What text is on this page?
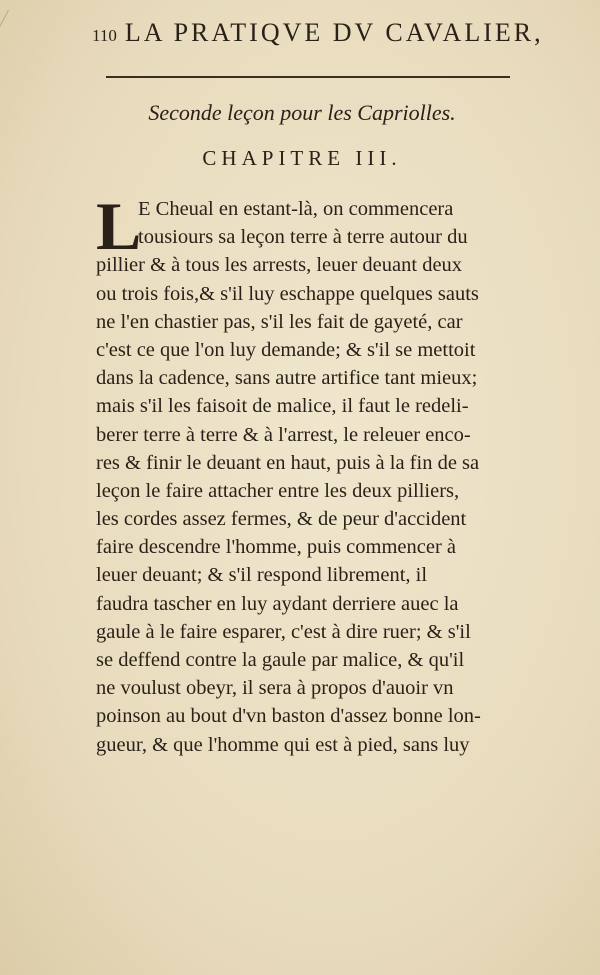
110 LA PRATIQVE DV CAVALIER,
Seconde leçon pour les Capriolles.
CHAPITRE III.
L
E Cheual en estant-là, on commencera
tousiours sa leçon terre à terre autour du
pillier & à tous les arrests, leuer deuant deux
ou trois fois,& s'il luy eschappe quelques sauts
ne l'en chastier pas, s'il les fait de gayeté, car
c'est ce que l'on luy demande; & s'il se mettoit
dans la cadence, sans autre artifice tant mieux;
mais s'il les faisoit de malice, il faut le redeli-
berer terre à terre & à l'arrest, le releuer enco-
res & finir le deuant en haut, puis à la fin de sa
leçon le faire attacher entre les deux pilliers,
les cordes assez fermes, & de peur d'accident
faire descendre l'homme, puis commencer à
leuer deuant; & s'il respond librement, il
faudra tascher en luy aydant derriere auec la
gaule à le faire esparer, c'est à dire ruer; & s'il
se deffend contre la gaule par malice, & qu'il
ne voulust obeyr, il sera à propos d'auoir vn
poinson au bout d'vn baston d'assez bonne lon-
gueur, & que l'homme qui est à pied, sans luy
